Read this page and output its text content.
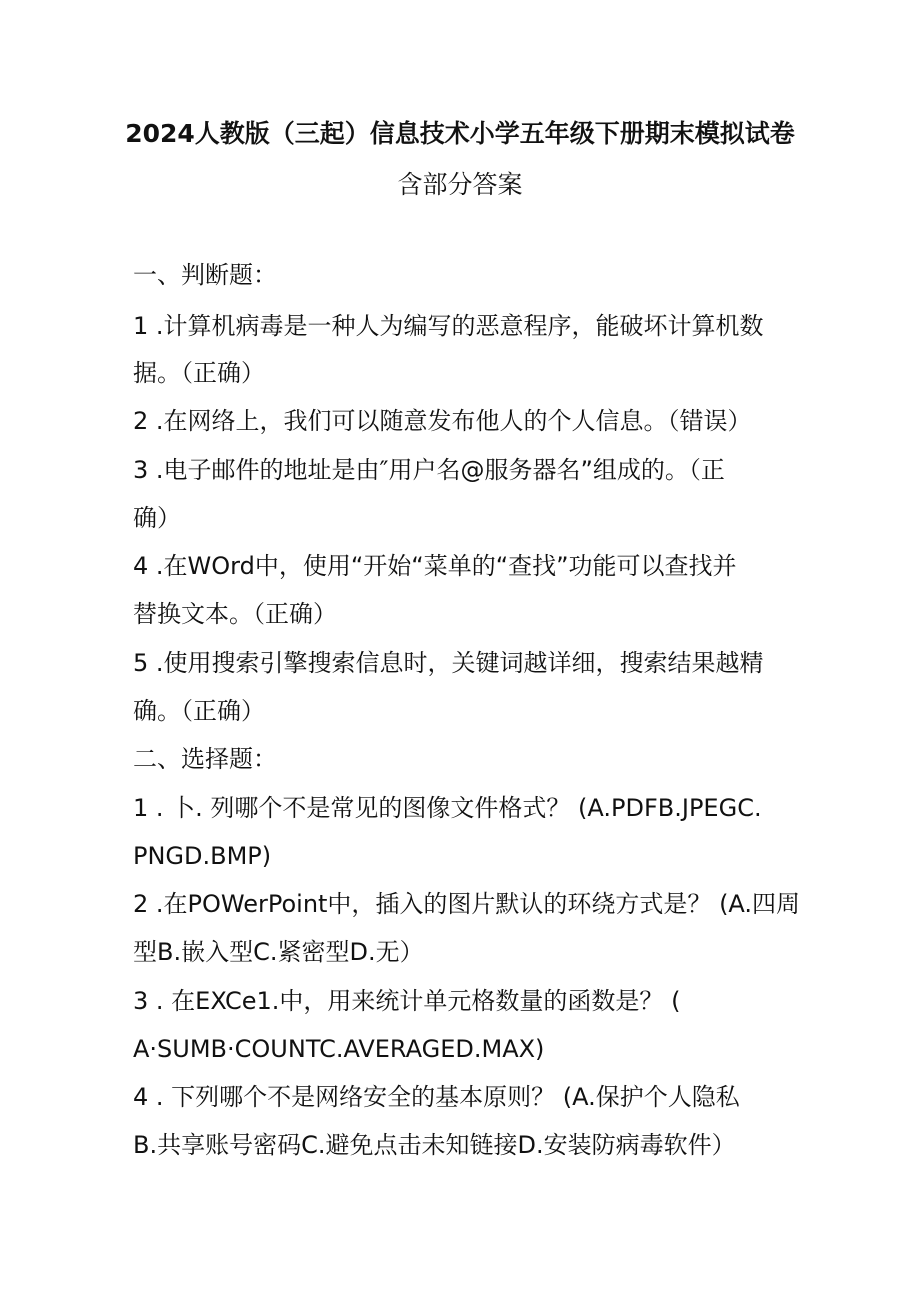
2024人教版（三起）信息技术小学五年级下册期末模拟试卷
含部分答案
一、判断题：
1 .计算机病毒是一种人为编写的恶意程序，能破坏计算机数
据。（正确）
2 .在网络上，我们可以随意发布他人的个人信息。（错误）
3 .电子邮件的地址是由″用户名@服务器名”组成的。（正
确）
4 .在WOrd中，使用“开始“菜单的“查找”功能可以查找并
替换文本。（正确）
5 .使用搜索引擎搜索信息时，关键词越详细，搜索结果越精
确。（正确）
二、选择题：
1 . 卜. 列哪个不是常见的图像文件格式？ (A.PDFB.JPEGC.
PNGD.BMP)
2 .在POWerPoint中，插入的图片默认的环绕方式是？ (A.四周
型B.嵌入型C.紧密型D.无）
3 . 在EXCe1.中，用来统计单元格数量的函数是？ (
A·SUMB·COUNTC.AVERAGED.MAX)
4 . 下列哪个不是网络安全的基本原则？ (A.保护个人隐私
B.共享账号密码C.避免点击未知链接D.安装防病毒软件）
